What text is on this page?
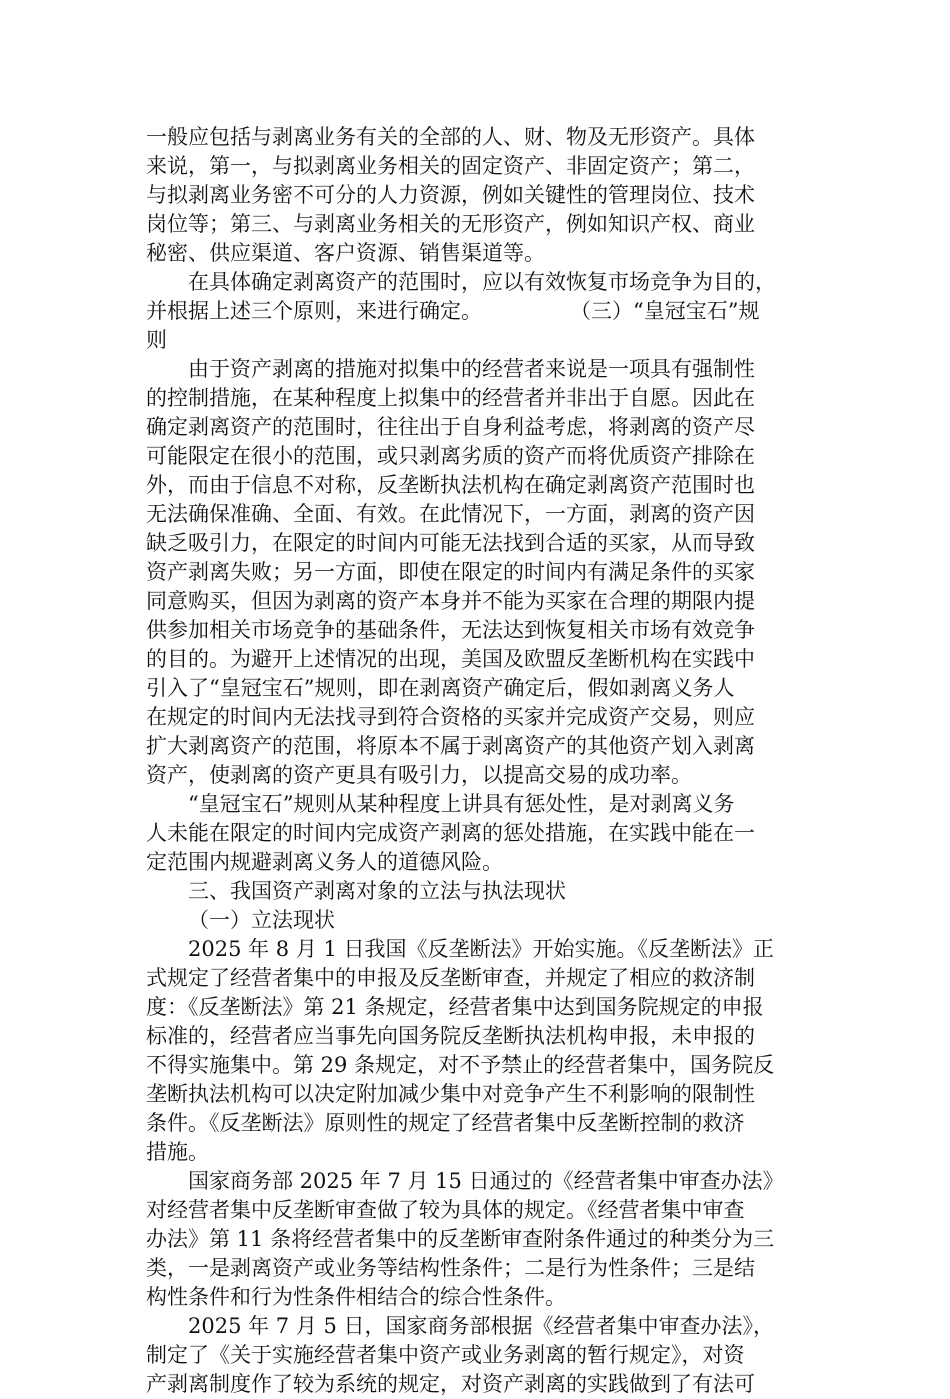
一般应包括与剥离业务有关的全部的人、财、物及无形资产。具体
来说，第一，与拟剥离业务相关的固定资产、非固定资产；第二，
与拟剥离业务密不可分的人力资源，例如关键性的管理岗位、技术
岗位等；第三、与剥离业务相关的无形资产，例如知识产权、商业
秘密、供应渠道、客户资源、销售渠道等。
在具体确定剥离资产的范围时，应以有效恢复市场竞争为目的，
并根据上述三个原则，来进行确定。	（三）“皇冠宝石”规
则
由于资产剥离的措施对拟集中的经营者来说是一项具有强制性
的控制措施，在某种程度上拟集中的经营者并非出于自愿。因此在
确定剥离资产的范围时，往往出于自身利益考虑，将剥离的资产尽
可能限定在很小的范围，或只剥离劣质的资产而将优质资产排除在
外，而由于信息不对称，反垄断执法机构在确定剥离资产范围时也
无法确保准确、全面、有效。在此情况下，一方面，剥离的资产因
缺乏吸引力，在限定的时间内可能无法找到合适的买家，从而导致
资产剥离失败；另一方面，即使在限定的时间内有满足条件的买家
同意购买，但因为剥离的资产本身并不能为买家在合理的期限内提
供参加相关市场竞争的基础条件，无法达到恢复相关市场有效竞争
的目的。为避开上述情况的出现，美国及欧盟反垄断机构在实践中
引入了“皇冠宝石”规则，即在剥离资产确定后，假如剥离义务人
在规定的时间内无法找寻到符合资格的买家并完成资产交易，则应
扩大剥离资产的范围，将原本不属于剥离资产的其他资产划入剥离
资产，使剥离的资产更具有吸引力，以提高交易的成功率。
“皇冠宝石”规则从某种程度上讲具有惩处性，是对剥离义务
人未能在限定的时间内完成资产剥离的惩处措施，在实践中能在一
定范围内规避剥离义务人的道德风险。
三、我国资产剥离对象的立法与执法现状
（一）立法现状
2025 年 8 月 1 日我国《反垄断法》开始实施。《反垄断法》正
式规定了经营者集中的申报及反垄断审查，并规定了相应的救济制
度：《反垄断法》第 21 条规定，经营者集中达到国务院规定的申报
标准的，经营者应当事先向国务院反垄断执法机构申报，未申报的
不得实施集中。第 29 条规定，对不予禁止的经营者集中，国务院反
垄断执法机构可以决定附加减少集中对竞争产生不利影响的限制性
条件。《反垄断法》原则性的规定了经营者集中反垄断控制的救济
措施。
国家商务部 2025 年 7 月 15 日通过的《经营者集中审查办法》
对经营者集中反垄断审查做了较为具体的规定。《经营者集中审查
办法》第 11 条将经营者集中的反垄断审查附条件通过的种类分为三
类，一是剥离资产或业务等结构性条件；二是行为性条件；三是结
构性条件和行为性条件相结合的综合性条件。
2025 年 7 月 5 日，国家商务部根据《经营者集中审查办法》，
制定了《关于实施经营者集中资产或业务剥离的暂行规定》，对资
产剥离制度作了较为系统的规定，对资产剥离的实践做到了有法可
